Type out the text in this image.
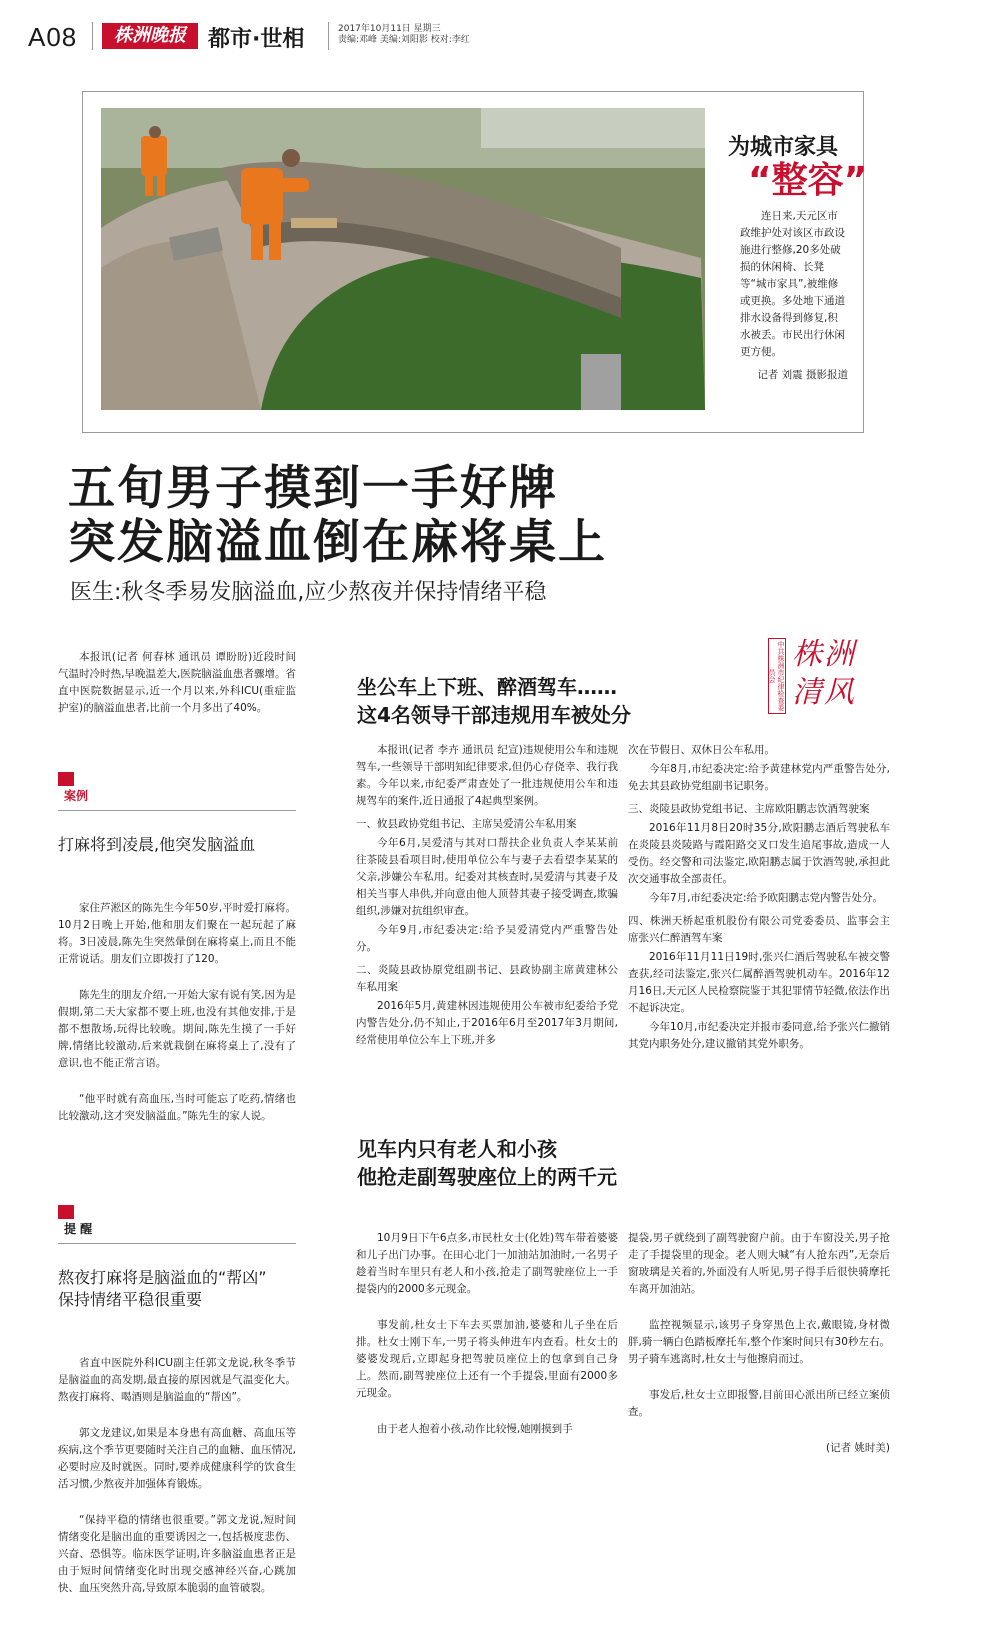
A08	株洲晚报	都市·世相	2017年10月11日 星期三
责编:邓峰 美编:刘阳影 校对:李红
为城市家具
“整容”
连日来,天元区市政维护处对该区市政设施进行整修,20多处破损的休闲椅、长凳等“城市家具”,被维修或更换。多处地下通道排水设备得到修复,积水被丢。市民出行休闲更方便。
记者 刘震 摄影报道
五旬男子摸到一手好牌
突发脑溢血倒在麻将桌上
医生:秋冬季易发脑溢血,应少熬夜并保持情绪平稳

本报讯(记者 何春林 通讯员 谭盼盼)近段时间气温时冷时热,早晚温差大,医院脑溢血患者骤增。省直中医院数据显示,近一个月以来,外科ICU(重症监护室)的脑溢血患者,比前一个月多出了40%。

案例

打麻将到凌晨,他突发脑溢血

家住芦淞区的陈先生今年50岁,平时爱打麻将。10月2日晚上开始,他和朋友们聚在一起玩起了麻将。3日凌晨,陈先生突然暈倒在麻将桌上,而且不能正常说话。朋友们立即拨打了120。

陈先生的朋友介绍,一开始大家有说有笑,因为是假期,第二天大家都不要上班,也没有其他安排,于是都不想散场,玩得比较晚。期间,陈先生摸了一手好牌,情绪比较激动,后来就栽倒在麻将桌上了,没有了意识,也不能正常言语。

“他平时就有高血压,当时可能忘了吃药,情绪也比较激动,这才突发脑溢血。”陈先生的家人说。

提 醒

熬夜打麻将是脑溢血的“帮凶”
保持情绪平稳很重要

省直中医院外科ICU副主任郭文龙说,秋冬季节是脑溢血的高发期,最直接的原因就是气温变化大。熬夜打麻将、喝酒则是脑溢血的“帮凶”。

郭文龙建议,如果是本身患有高血糖、高血压等疾病,这个季节更要随时关注自己的血糖、血压情况,必要时应及时就医。同时,要养成健康科学的饮食生活习惯,少熬夜并加强体育锻炼。

“保持平稳的情绪也很重要。”郭文龙说,短时间情绪变化是脑出血的重要诱因之一,包括极度悲伤、兴奋、恐惧等。临床医学证明,许多脑溢血患者正是由于短时间情绪变化时出现交感神经兴奋,心跳加快、血压突然升高,导致原本脆弱的血管破裂。

中共株洲市纪律检查委员会
株洲清风
坐公车上下班、醉酒驾车……
这4名领导干部违规用车被处分

本报讯(记者 李卉 通讯员 纪宣)违规使用公车和违规驾车,一些领导干部明知纪律要求,但仍心存侥幸、我行我素。今年以来,市纪委严肃查处了一批违规使用公车和违规驾车的案件,近日通报了4起典型案例。

一、攸县政协党组书记、主席吴爱清公车私用案

今年6月,吴爱清与其对口帮扶企业负责人李某某前往茶陵县看项目时,使用单位公车与妻子去看望李某某的父亲,涉嫌公车私用。纪委对其核查时,吴爱清与其妻子及相关当事人串供,并向意由他人顶替其妻子接受调查,欺骗组织,涉嫌对抗组织审查。

今年9月,市纪委决定:给予吴爱清党内严重警告处分。

二、炎陵县政协原党组副书记、县政协副主席黄建林公车私用案

2016年5月,黄建林因违规使用公车被市纪委给予党内警告处分,仍不知止,于2016年6月至2017年3月期间,经常使用单位公车上下班,并多

次在节假日、双休日公车私用。

今年8月,市纪委决定:给予黄建林党内严重警告处分,免去其县政协党组副书记职务。

三、炎陵县政协党组书记、主席欧阳鹏志饮酒驾驶案

2016年11月8日20时35分,欧阳鹏志酒后驾驶私车在炎陵县炎陵路与霞阳路交叉口发生追尾事故,造成一人受伤。经交警和司法鉴定,欧阳鹏志属于饮酒驾驶,承担此次交通事故全部责任。

今年7月,市纪委决定:给予欧阳鹏志党内警告处分。

四、株洲天桥起重机股份有限公司党委委员、监事会主席张兴仁醉酒驾车案

2016年11月11日19时,张兴仁酒后驾驶私车被交警查获,经司法鉴定,张兴仁属醉酒驾驶机动车。2016年12月16日,天元区人民检察院鉴于其犯罪情节轻微,依法作出不起诉决定。

今年10月,市纪委决定并报市委同意,给予张兴仁撤销其党内职务处分,建议撤销其党外职务。

见车内只有老人和小孩
他抢走副驾驶座位上的两千元

10月9日下午6点多,市民杜女士(化姓)驾车带着婆婆和儿子出门办事。在田心北门一加油站加油时,一名男子趁着当时车里只有老人和小孩,抢走了副驾驶座位上一手提袋内的2000多元现金。

事发前,杜女士下车去买票加油,婆婆和儿子坐在后排。杜女士刚下车,一男子将头伸进车内查看。杜女士的婆婆发现后,立即起身把驾驶员座位上的包拿到自己身上。然而,副驾驶座位上还有一个手提袋,里面有2000多元现金。

由于老人抱着小孩,动作比较慢,她刚摸到手

提袋,男子就绕到了副驾驶窗户前。由于车窗没关,男子抢走了手提袋里的现金。老人则大喊“有人抢东西”,无奈后窗玻璃是关着的,外面没有人听见,男子得手后很快骑摩托车离开加油站。

监控视频显示,该男子身穿黑色上衣,戴眼镜,身材微胖,骑一辆白色踏板摩托车,整个作案时间只有30秒左右。男子骑车逃离时,杜女士与他擦肩而过。

事发后,杜女士立即报警,目前田心派出所已经立案侦查。

(记者 姚时美)
